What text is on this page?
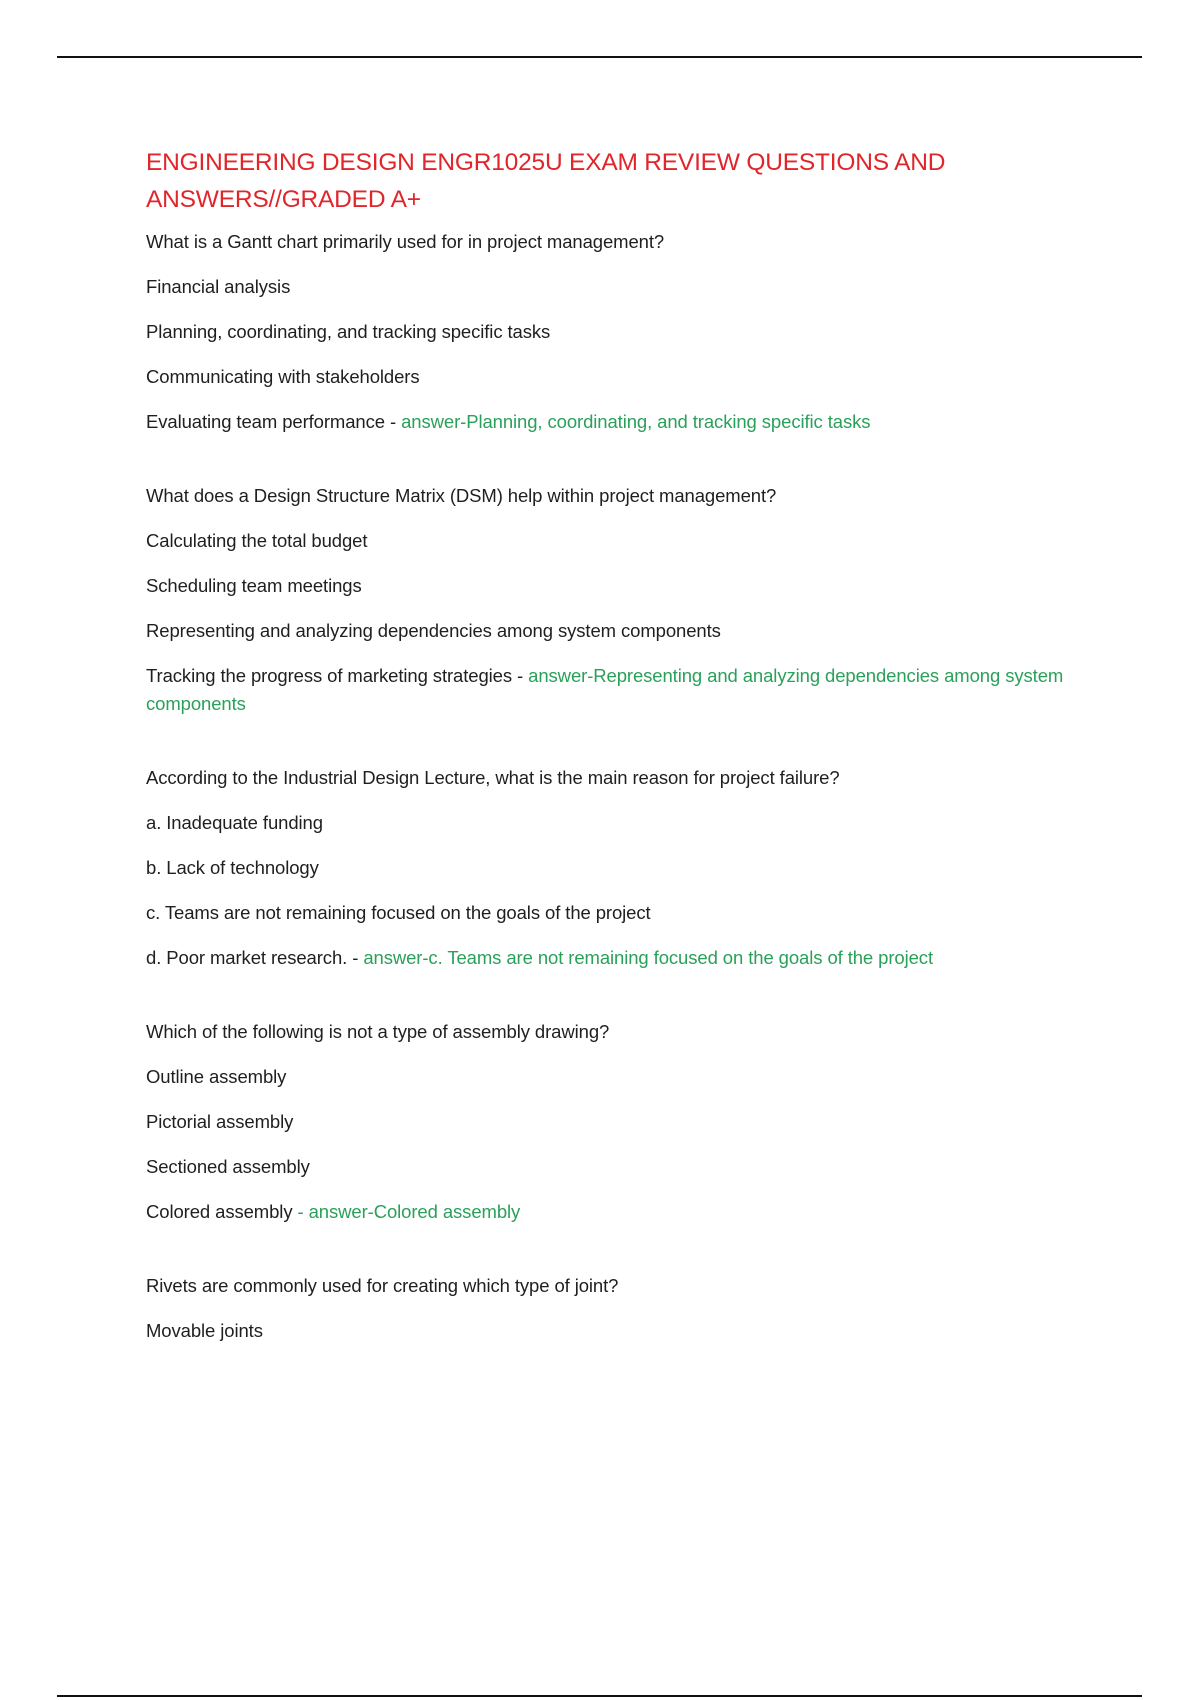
ENGINEERING DESIGN ENGR1025U EXAM REVIEW QUESTIONS AND ANSWERS//GRADED A+
What is a Gantt chart primarily used for in project management?
Financial analysis
Planning, coordinating, and tracking specific tasks
Communicating with stakeholders
Evaluating team performance - answer-Planning, coordinating, and tracking specific tasks
What does a Design Structure Matrix (DSM) help within project management?
Calculating the total budget
Scheduling team meetings
Representing and analyzing dependencies among system components
Tracking the progress of marketing strategies - answer-Representing and analyzing dependencies among system components
According to the Industrial Design Lecture, what is the main reason for project failure?
a. Inadequate funding
b. Lack of technology
c. Teams are not remaining focused on the goals of the project
d. Poor market research. - answer-c. Teams are not remaining focused on the goals of the project
Which of the following is not a type of assembly drawing?
Outline assembly
Pictorial assembly
Sectioned assembly
Colored assembly - answer-Colored assembly
Rivets are commonly used for creating which type of joint?
Movable joints
